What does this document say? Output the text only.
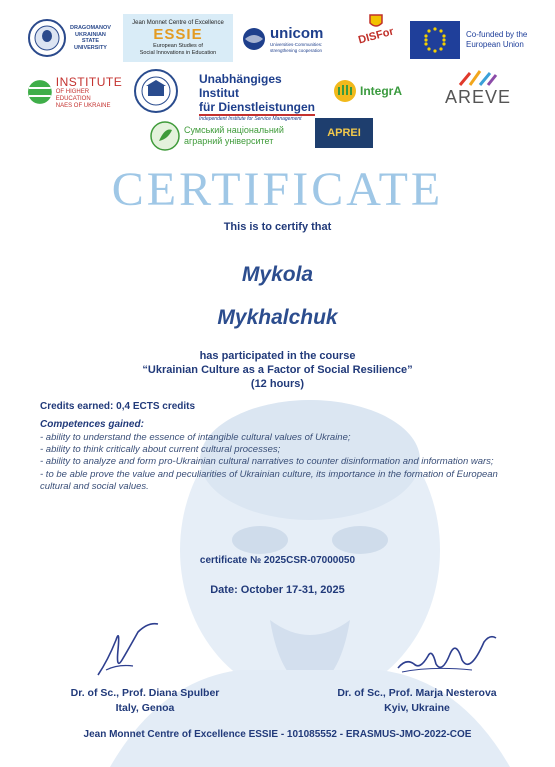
DRAGOMANOV
UKRAINIAN
STATE
UNIVERSITY
Jean Monnet Centre of Excellence
ESSIE
European Studies of
Social Innovations in Education
unicom
Universities-Communities:
strengthening cooperation
DISFor	Co-funded by the European Union
INSTITUTE
OF HIGHER EDUCATION
NAES OF UKRAINE
Unabhängiges Institut
für Dienstleistungen
Independent Institute for Service Management
IntegrA AREVE
Сумський національний
аграрний університет
APREI
CERTIFICATE
This is to certify that
Mykola
Mykhalchuk
has participated in the course
“Ukrainian Culture as a Factor of Social Resilience”
(12 hours)
Credits earned: 0,4 ECTS credits
Competences gained:
- ability to understand the essence of intangible cultural values of Ukraine;
- ability to think critically about current cultural processes;
- ability to analyze and form pro-Ukrainian cultural narratives to counter disinformation and information wars;
- to be able prove the value and peculiarities of Ukrainian culture, its importance in the formation of European cultural and social values.
certificate № 2025CSR-07000050
Date: October 17-31, 2025
Dr. of Sc., Prof. Diana Spulber
Italy, Genoa
Dr. of Sc., Prof. Marja Nesterova
Kyiv, Ukraine
Jean Monnet Centre of Excellence ESSIE - 101085552 - ERASMUS-JMO-2022-COE
